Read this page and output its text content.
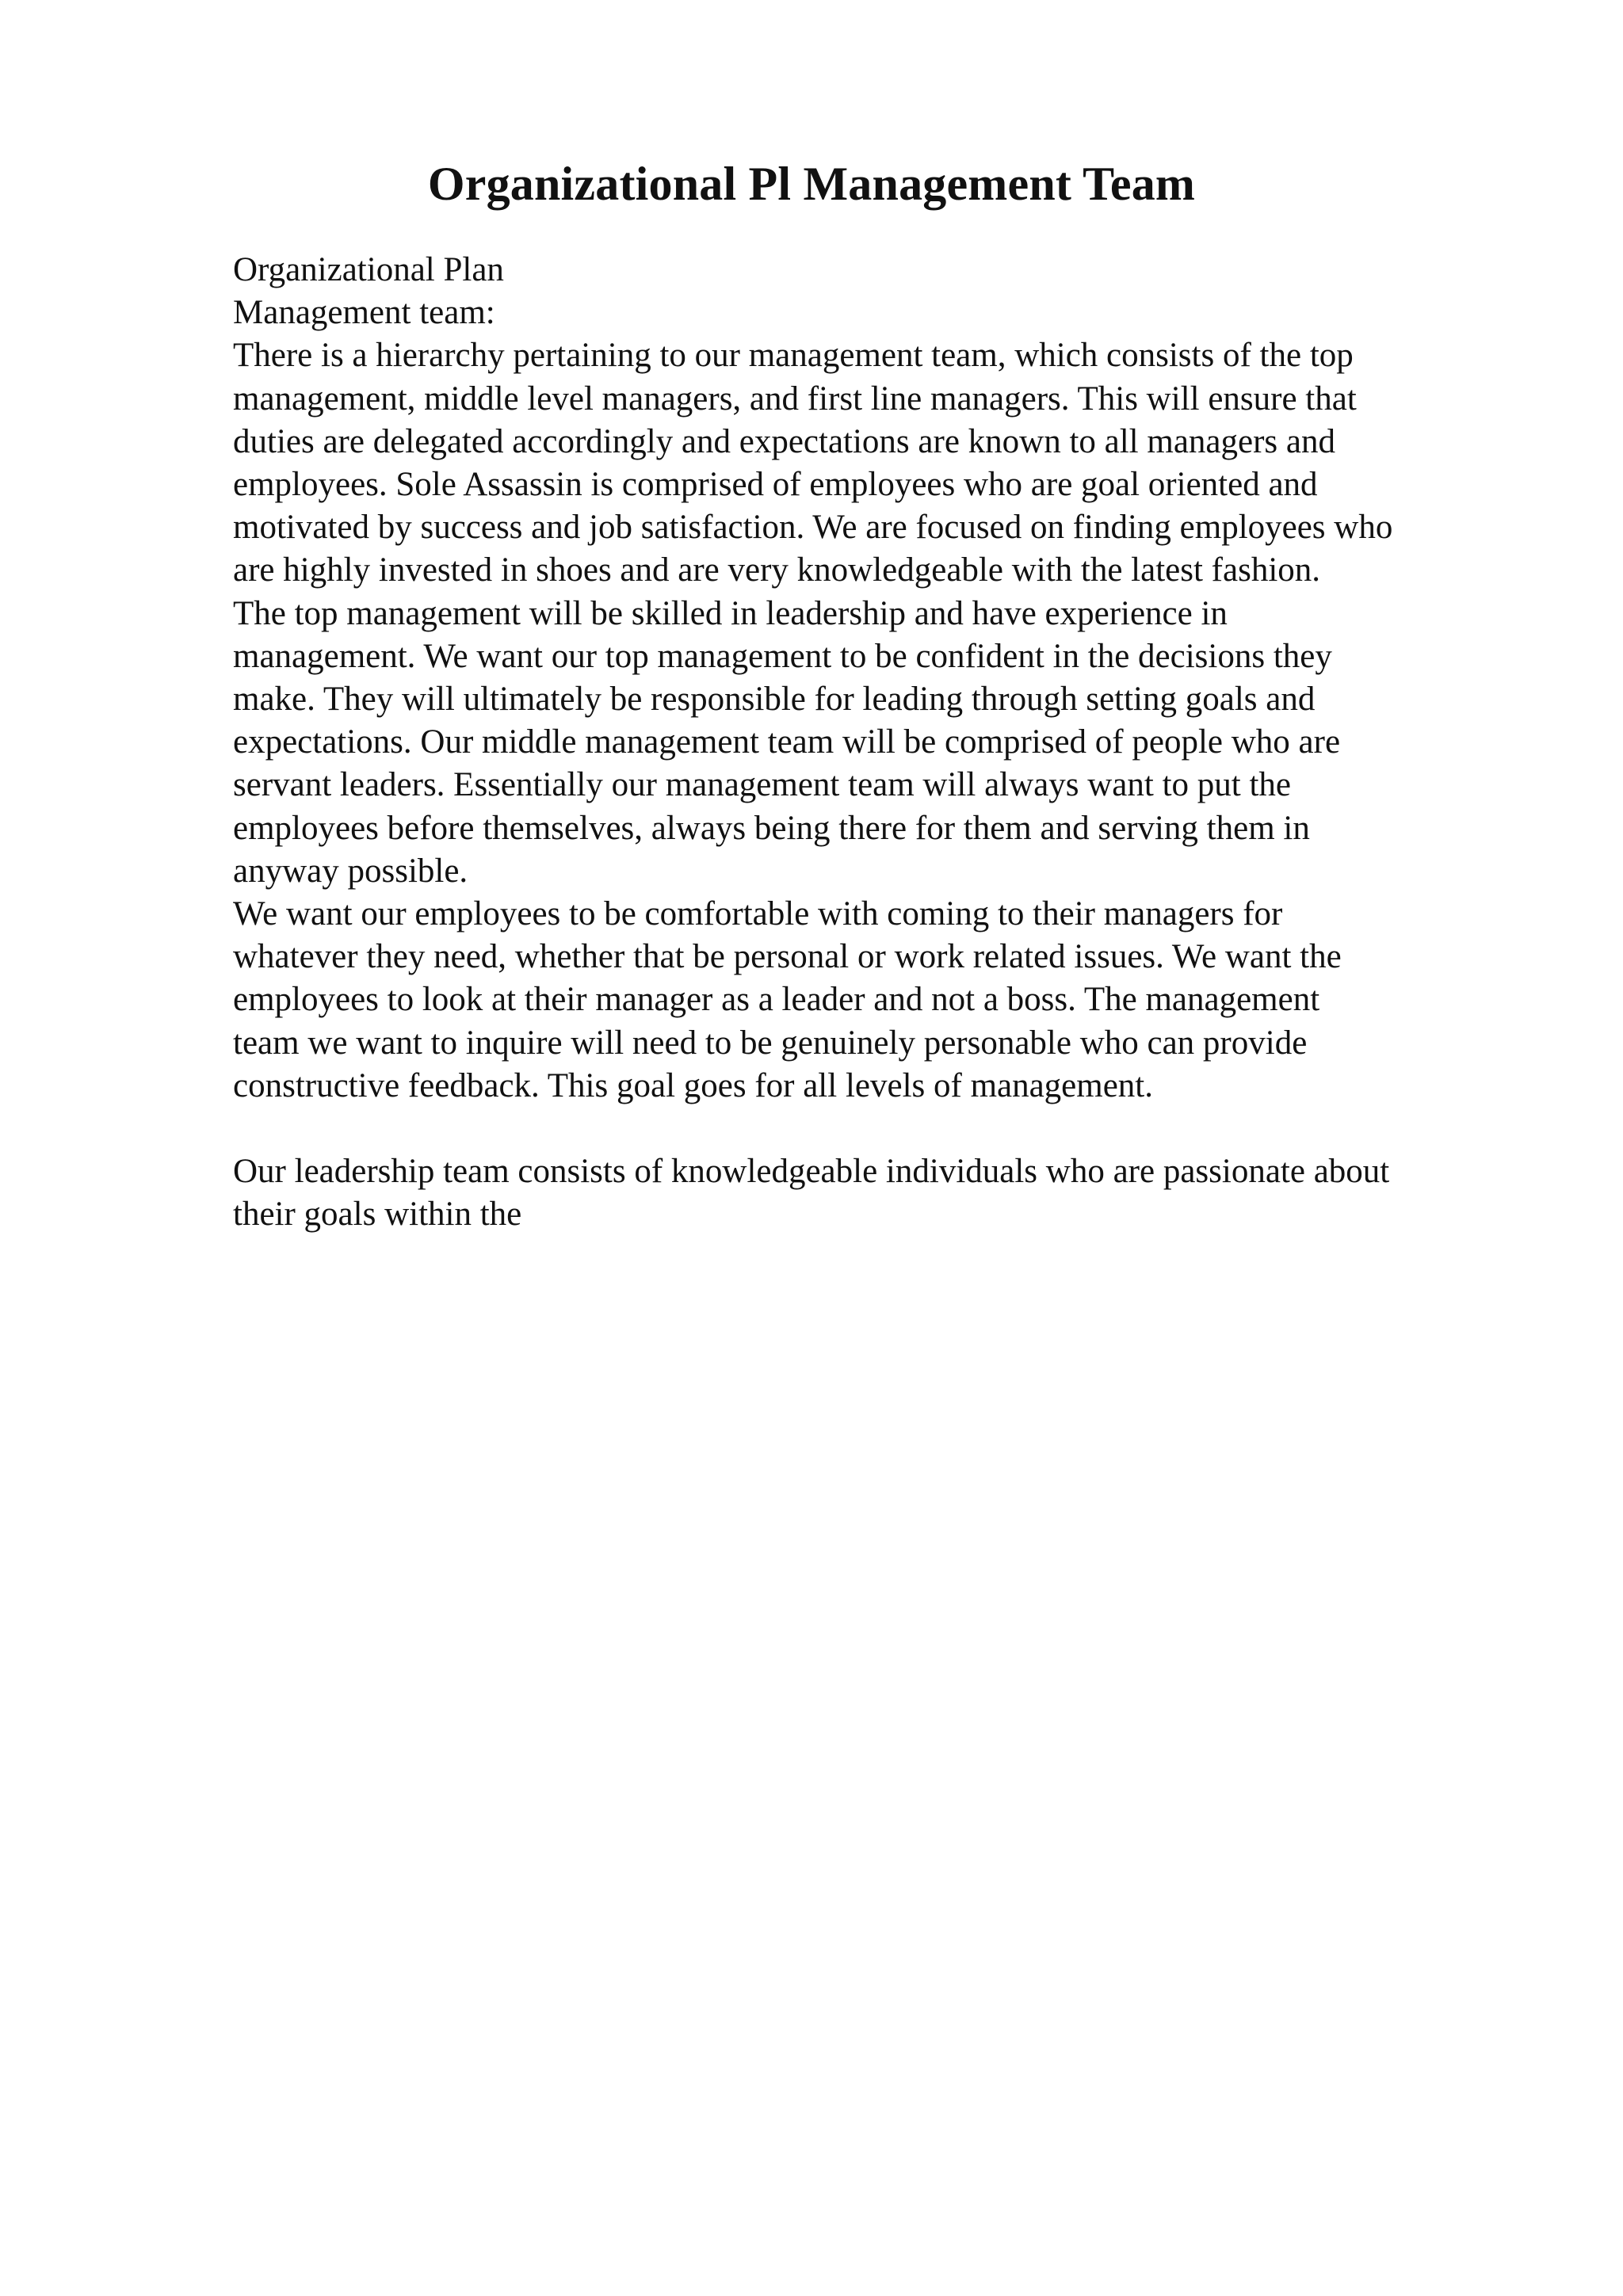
Organizational Pl Management Team
Organizational Plan
Management team:
There is a hierarchy pertaining to our management team, which consists of the top
management, middle level managers, and first line managers. This will ensure that
duties are delegated accordingly and expectations are known to all managers and
employees. Sole Assassin is comprised of employees who are goal oriented and
motivated by success and job satisfaction. We are focused on finding employees who
are highly invested in shoes and are very knowledgeable with the latest fashion.
The top management will be skilled in leadership and have experience in
management. We want our top management to be confident in the decisions they
make. They will ultimately be responsible for leading through setting goals and
expectations. Our middle management team will be comprised of people who are
servant leaders. Essentially our management team will always want to put the
employees before themselves, always being there for them and serving them in
anyway possible.
We want our employees to be comfortable with coming to their managers for
whatever they need, whether that be personal or work related issues. We want the
employees to look at their manager as a leader and not a boss. The management
team we want to inquire will need to be genuinely personable who can provide
constructive feedback. This goal goes for all levels of management.
Our leadership team consists of knowledgeable individuals who are passionate about
their goals within the
